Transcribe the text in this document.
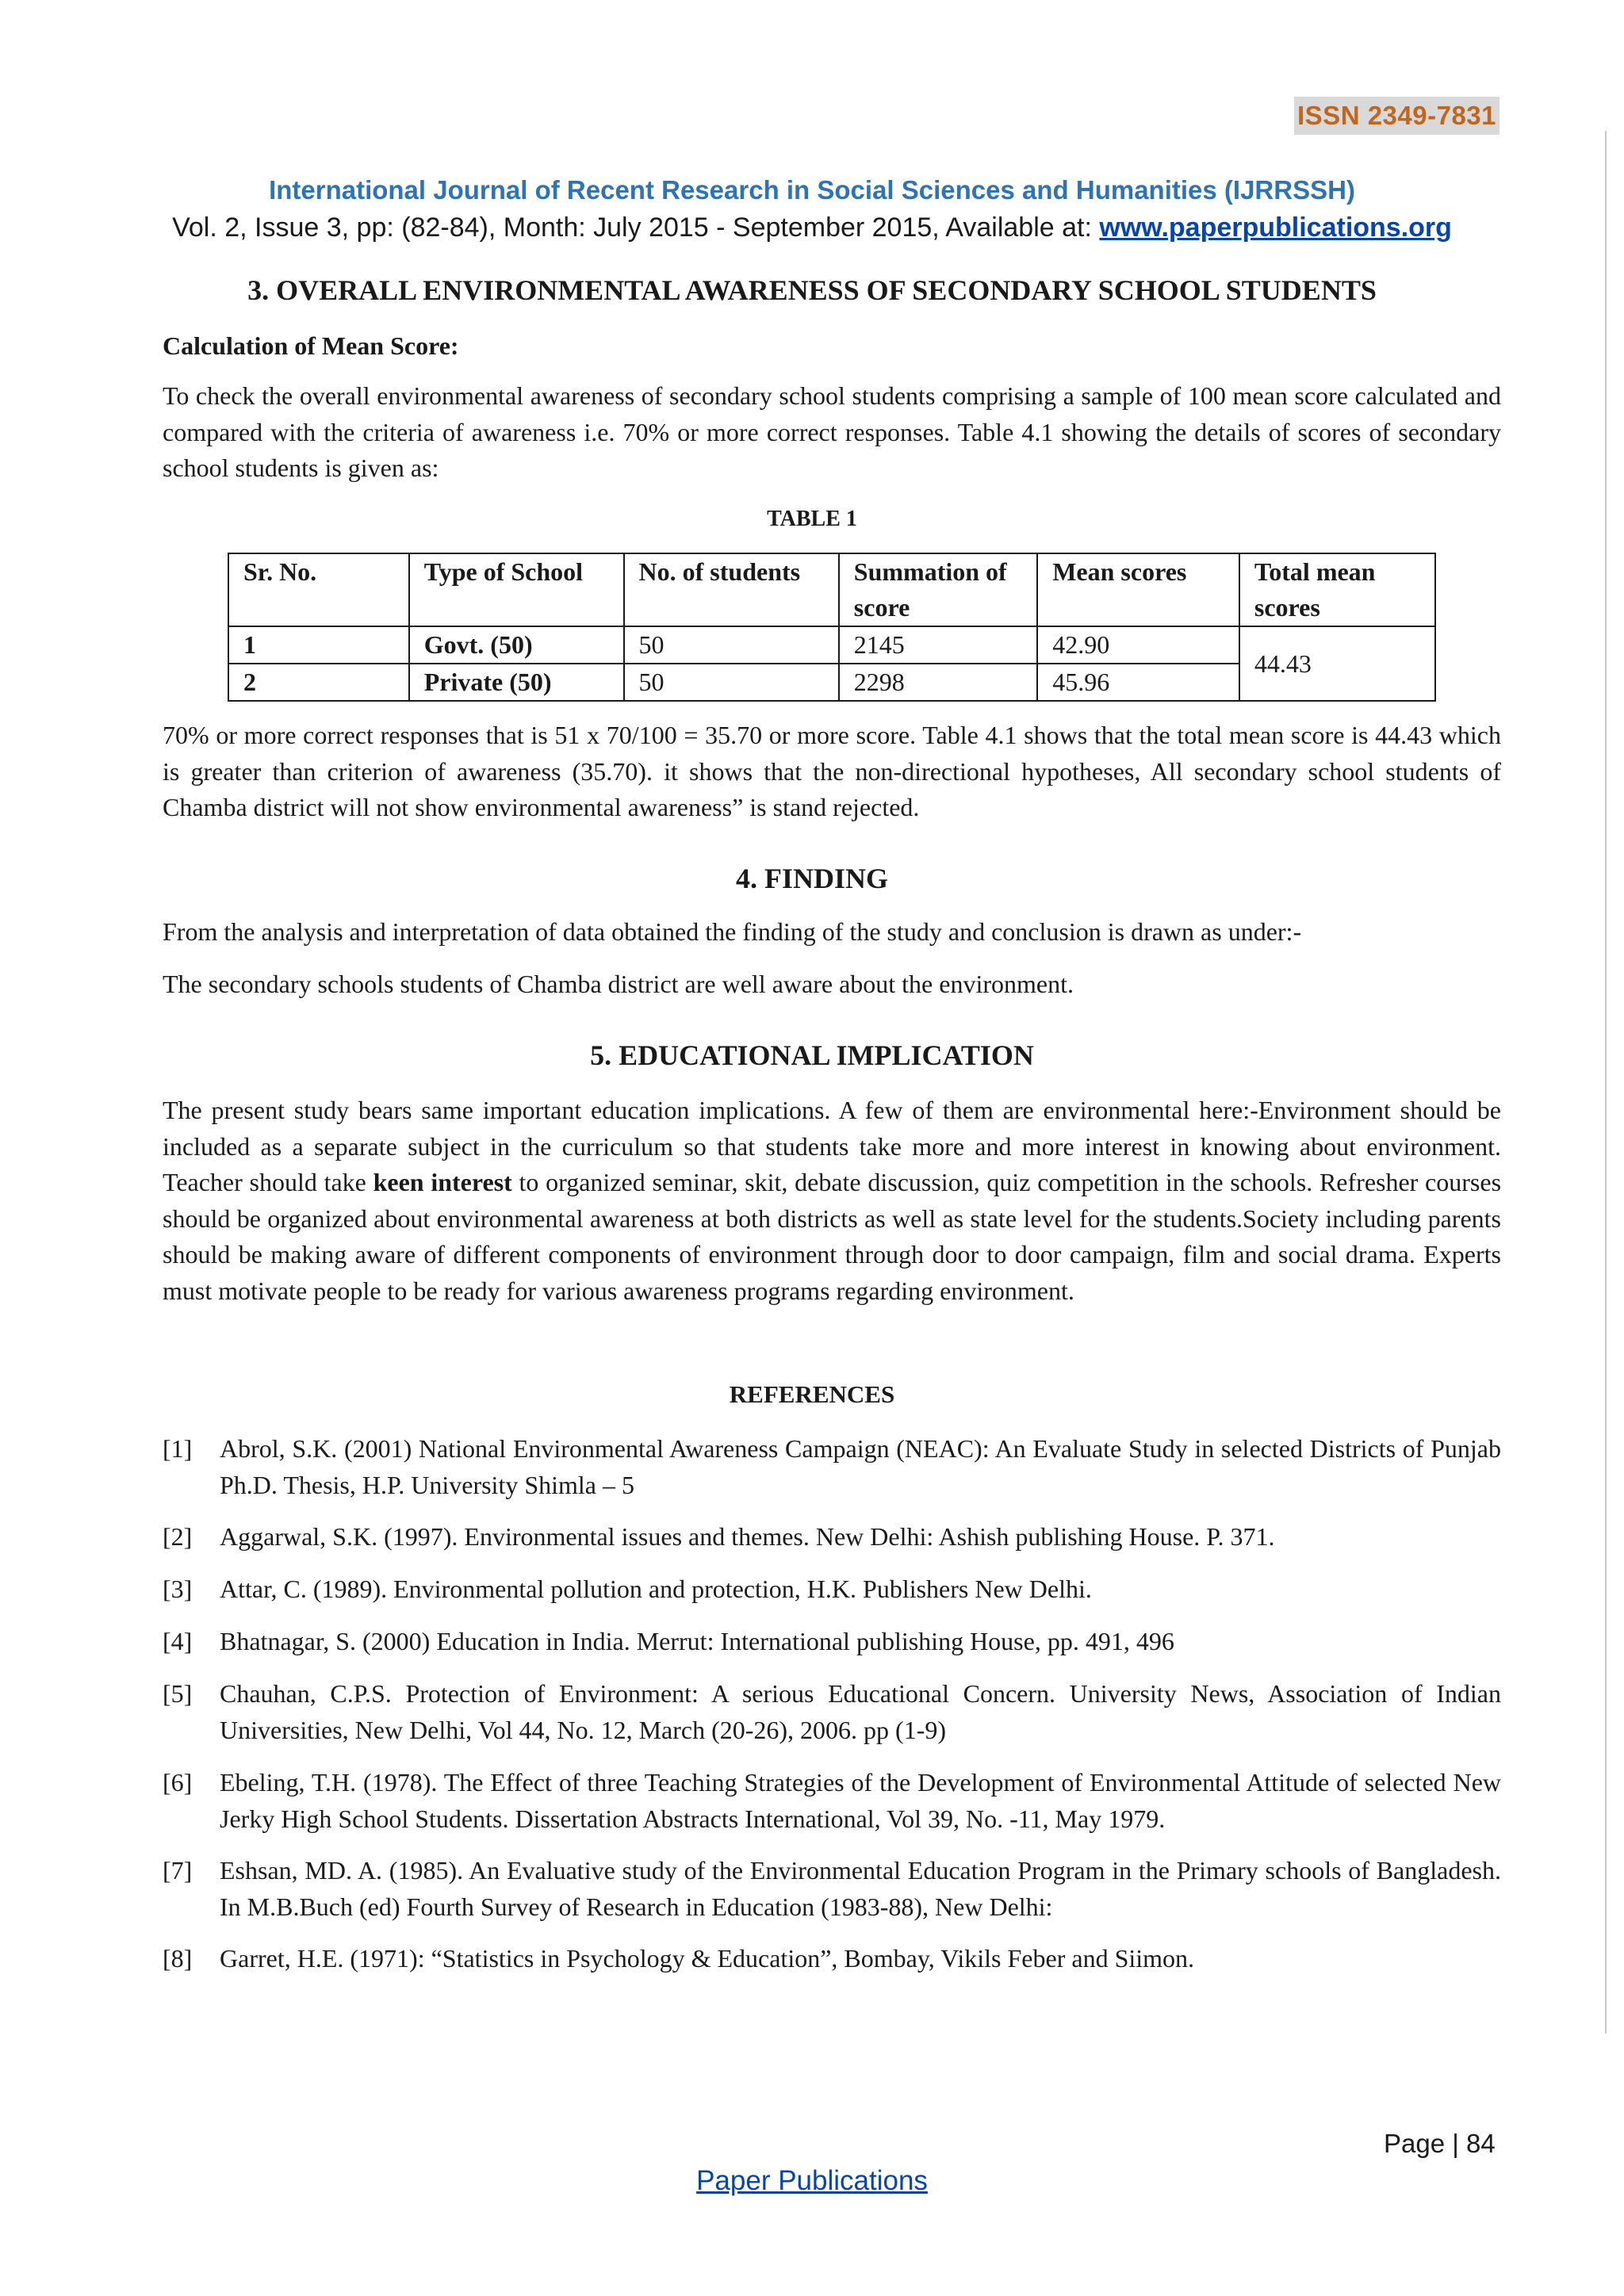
ISSN 2349-7831
International Journal of Recent Research in Social Sciences and Humanities (IJRRSSH)
Vol. 2, Issue 3, pp: (82-84), Month: July 2015 - September 2015, Available at: www.paperpublications.org
3. OVERALL ENVIRONMENTAL AWARENESS OF SECONDARY SCHOOL STUDENTS
Calculation of Mean Score:

To check the overall environmental awareness of secondary school students comprising a sample of 100 mean score calculated and compared with the criteria of awareness i.e. 70% or more correct responses. Table 4.1 showing the details of scores of secondary school students is given as:

TABLE 1
Sr. No.	Type of School	No. of students	Summation of score	Mean scores	Total mean scores
1	Govt. (50)	50	2145	42.90	44.43
2	Private (50)	50	2298	45.96	

70% or more correct responses that is 51 x 70/100 = 35.70 or more score. Table 4.1 shows that the total mean score is 44.43 which is greater than criterion of awareness (35.70). it shows that the non-directional hypotheses, All secondary school students of Chamba district will not show environmental awareness” is stand rejected.

4. FINDING

From the analysis and interpretation of data obtained the finding of the study and conclusion is drawn as under:-

The secondary schools students of Chamba district are well aware about the environment.

5. EDUCATIONAL IMPLICATION

The present study bears same important education implications. A few of them are environmental here:-Environment should be included as a separate subject in the curriculum so that students take more and more interest in knowing about environment. Teacher should take keen interest to organized seminar, skit, debate discussion, quiz competition in the schools. Refresher courses should be organized about environmental awareness at both districts as well as state level for the students.Society including parents should be making aware of different components of environment through door to door campaign, film and social drama. Experts must motivate people to be ready for various awareness programs regarding environment.

REFERENCES
[1] Abrol, S.K. (2001) National Environmental Awareness Campaign (NEAC): An Evaluate Study in selected Districts of Punjab Ph.D. Thesis, H.P. University Shimla – 5
[2] Aggarwal, S.K. (1997). Environmental issues and themes. New Delhi: Ashish publishing House. P. 371.
[3] Attar, C. (1989). Environmental pollution and protection, H.K. Publishers New Delhi.
[4] Bhatnagar, S. (2000) Education in India. Merrut: International publishing House, pp. 491, 496
[5] Chauhan, C.P.S. Protection of Environment: A serious Educational Concern. University News, Association of Indian Universities, New Delhi, Vol 44, No. 12, March (20-26), 2006. pp (1-9)
[6] Ebeling, T.H. (1978). The Effect of three Teaching Strategies of the Development of Environmental Attitude of selected New Jerky High School Students. Dissertation Abstracts International, Vol 39, No. -11, May 1979.
[7] Eshsan, MD. A. (1985). An Evaluative study of the Environmental Education Program in the Primary schools of Bangladesh. In M.B.Buch (ed) Fourth Survey of Research in Education (1983-88), New Delhi:
[8] Garret, H.E. (1971): “Statistics in Psychology & Education”, Bombay, Vikils Feber and Siimon.
Page | 84
Paper Publications
